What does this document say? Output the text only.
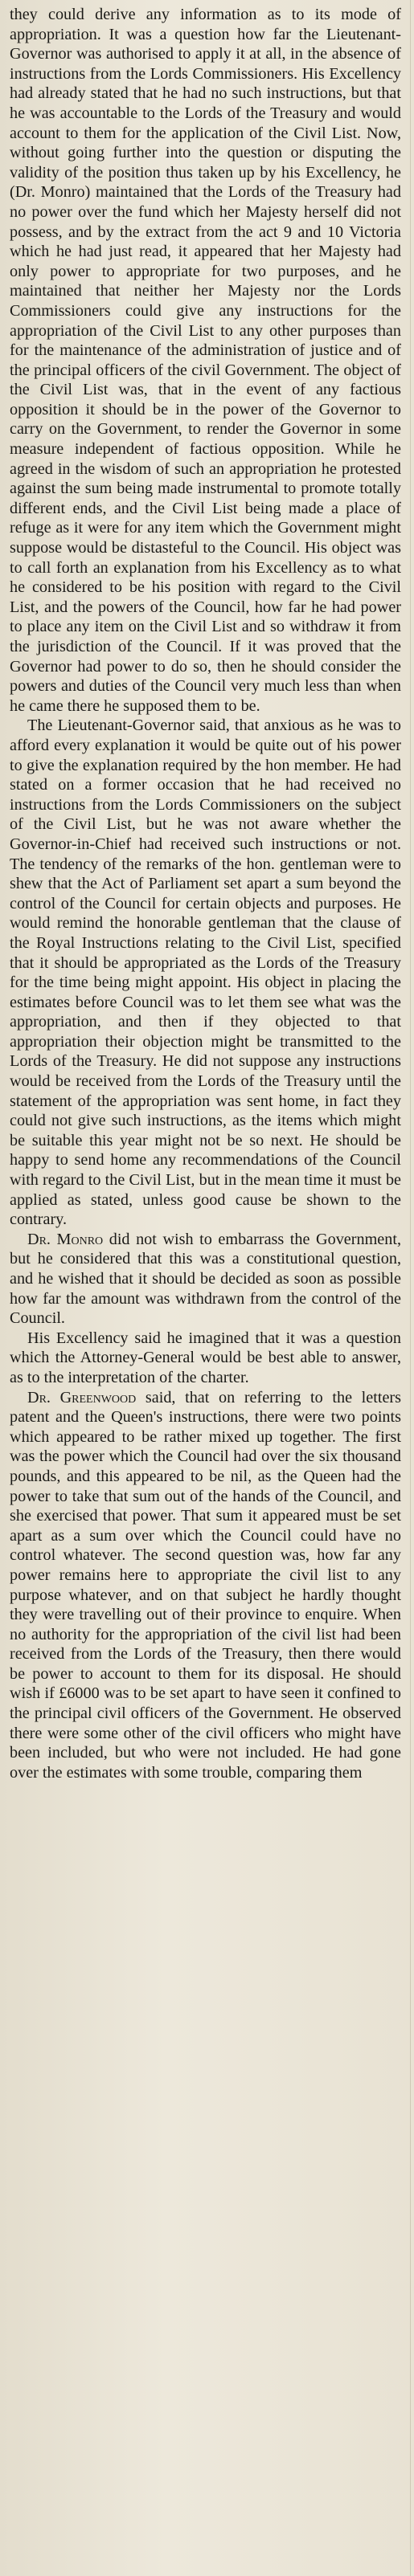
they could derive any information as to its mode of appropriation. It was a question how far the Lieutenant-Governor was authorised to apply it at all, in the absence of instructions from the Lords Commissioners. His Excellency had already stated that he had no such instructions, but that he was accountable to the Lords of the Treasury and would account to them for the application of the Civil List. Now, without going further into the question or disputing the validity of the position thus taken up by his Excellency, he (Dr. Monro) maintained that the Lords of the Treasury had no power over the fund which her Majesty herself did not possess, and by the extract from the act 9 and 10 Victoria which he had just read, it appeared that her Majesty had only power to appropriate for two purposes, and he maintained that neither her Majesty nor the Lords Commissioners could give any instructions for the appropriation of the Civil List to any other purposes than for the maintenance of the administration of justice and of the principal officers of the civil Government. The object of the Civil List was, that in the event of any factious opposition it should be in the power of the Governor to carry on the Government, to render the Governor in some measure independent of factious opposition. While he agreed in the wisdom of such an appropriation he protested against the sum being made instrumental to promote totally different ends, and the Civil List being made a place of refuge as it were for any item which the Government might suppose would be distasteful to the Council. His object was to call forth an explanation from his Excellency as to what he considered to be his position with regard to the Civil List, and the powers of the Council, how far he had power to place any item on the Civil List and so withdraw it from the jurisdiction of the Council. If it was proved that the Governor had power to do so, then he should consider the powers and duties of the Council very much less than when he came there he supposed them to be.

The Lieutenant-Governor said, that anxious as he was to afford every explanation it would be quite out of his power to give the explanation required by the hon member. He had stated on a former occasion that he had received no instructions from the Lords Commissioners on the subject of the Civil List, but he was not aware whether the Governor-in-Chief had received such instructions or not. The tendency of the remarks of the hon. gentleman were to shew that the Act of Parliament set apart a sum beyond the control of the Council for certain objects and purposes. He would remind the honorable gentleman that the clause of the Royal Instructions relating to the Civil List, specified that it should be appropriated as the Lords of the Treasury for the time being might appoint. His object in placing the estimates before Council was to let them see what was the appropriation, and then if they objected to that appropriation their objection might be transmitted to the Lords of the Treasury. He did not suppose any instructions would be received from the Lords of the Treasury until the statement of the appropriation was sent home, in fact they could not give such instructions, as the items which might be suitable this year might not be so next. He should be happy to send home any recommendations of the Council with regard to the Civil List, but in the mean time it must be applied as stated, unless good cause be shown to the contrary.

Dr. Monro did not wish to embarrass the Government, but he considered that this was a constitutional question, and he wished that it should be decided as soon as possible how far the amount was withdrawn from the control of the Council.

His Excellency said he imagined that it was a question which the Attorney-General would be best able to answer, as to the interpretation of the charter.

Dr. Greenwood said, that on referring to the letters patent and the Queen's instructions, there were two points which appeared to be rather mixed up together. The first was the power which the Council had over the six thousand pounds, and this appeared to be nil, as the Queen had the power to take that sum out of the hands of the Council, and she exercised that power. That sum it appeared must be set apart as a sum over which the Council could have no control whatever. The second question was, how far any power remains here to appropriate the civil list to any purpose whatever, and on that subject he hardly thought they were travelling out of their province to enquire. When no authority for the appropriation of the civil list had been received from the Lords of the Treasury, then there would be power to account to them for its disposal. He should wish if £6000 was to be set apart to have seen it confined to the principal civil officers of the Government. He observed there were some other of the civil officers who might have been included, but who were not included. He had gone over the estimates with some trouble, comparing them
